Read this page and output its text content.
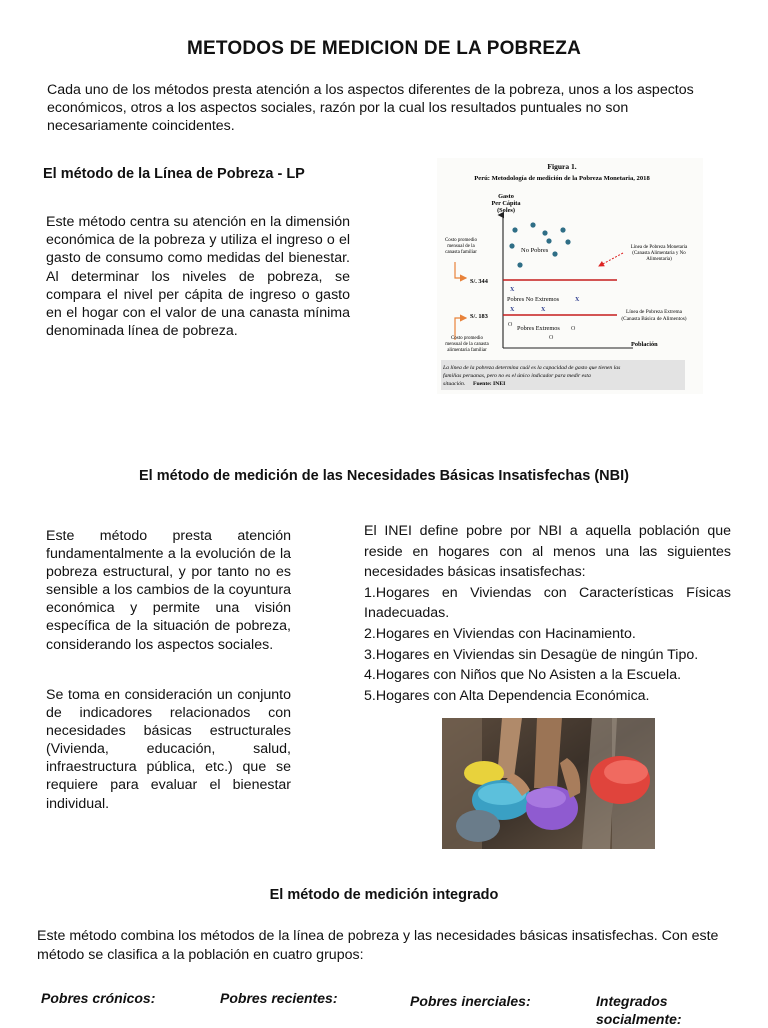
METODOS DE MEDICION DE LA POBREZA
Cada uno de los métodos presta atención a los aspectos diferentes de la pobreza, unos a los aspectos económicos, otros a los aspectos sociales, razón por la cual los resultados puntuales no son necesariamente coincidentes.
El método de la Línea de Pobreza - LP
Este método centra su atención en la dimensión económica de la pobreza y utiliza el ingreso o el gasto de consumo como medidas del bienestar. Al determinar los niveles de pobreza, se compara el nivel per cápita de ingreso o gasto en el hogar con el valor de una canasta mínima denominada línea de pobreza.
Figura 1.
Perú: Metodología de medición de la Pobreza Monetaria, 2018
Gasto
Per Cápita
(Soles)
Población
S/. 344
S/. 183
Costo promedio
mensual de la
canasta familiar
Costo promedio
mensual de la canasta
alimentaria familiar
No Pobres	Línea de Pobreza Monetaria
(Canasta Alimentaria y No
Alimentaria)
X
Pobres No Extremos	X
X	X	Línea de Pobreza Extrema
(Canasta Básica de Alimentos)
O Pobres Extremos O
O
La línea de la pobreza determina cuál es la capacidad de gasto que tienen las
familias peruanas, pero no es el único indicador para medir esta
situación. Fuente: INEI
El método de medición de las Necesidades Básicas Insatisfechas (NBI)
Este método presta atención fundamentalmente a la evolución de la pobreza estructural, y por tanto no es sensible a los cambios de la coyuntura económica y permite una visión específica de la situación de pobreza, considerando los aspectos sociales.
Se toma en consideración un conjunto de indicadores relacionados con necesidades básicas estructurales (Vivienda, educación, salud, infraestructura pública, etc.) que se requiere para evaluar el bienestar individual.

El INEI define pobre por NBI a aquella población que reside en hogares con al menos una las siguientes necesidades básicas insatisfechas:

1.Hogares en Viviendas con Características Físicas Inadecuadas.

2.Hogares en Viviendas con Hacinamiento.

3.Hogares en Viviendas sin Desagüe de ningún Tipo.

4.Hogares con Niños que No Asisten a la Escuela.

5.Hogares con Alta Dependencia Económica.

El método de medición integrado
Este método combina los métodos de la línea de pobreza y las necesidades básicas insatisfechas. Con este método se clasifica a la población en cuatro grupos:
Pobres crónicos:	Pobres recientes:	Pobres inerciales:	Integrados socialmente:
